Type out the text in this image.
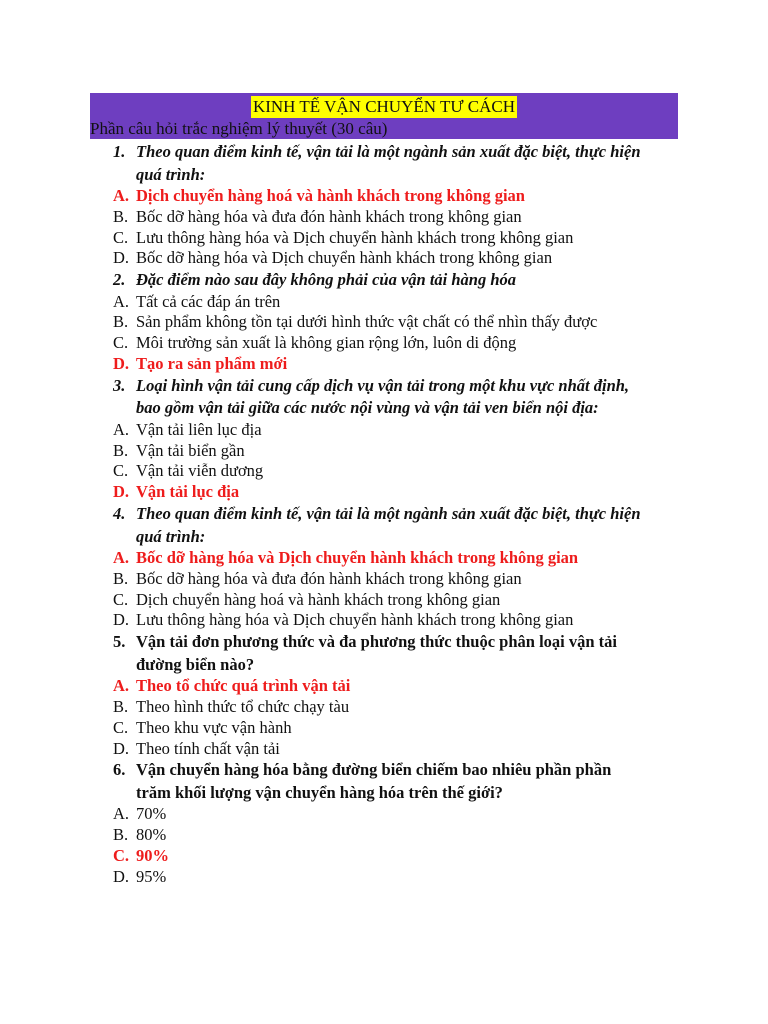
KINH TẾ VẬN CHUYỂN TƯ CÁCH
Phần câu hỏi trắc nghiệm lý thuyết (30 câu)
1. Theo quan điểm kinh tế, vận tải là một ngành sản xuất đặc biệt, thực hiện
quá trình:
A. Dịch chuyển hàng hoá và hành khách trong không gian
B. Bốc dỡ hàng hóa và đưa đón hành khách trong không gian
C. Lưu thông hàng hóa và Dịch chuyển hành khách trong không gian
D. Bốc dỡ hàng hóa và Dịch chuyển hành khách trong không gian
2. Đặc điểm nào sau đây không phải của vận tải hàng hóa
A. Tất cả các đáp án trên
B. Sản phẩm không tồn tại dưới hình thức vật chất có thể nhìn thấy được
C. Môi trường sản xuất là không gian rộng lớn, luôn di động
D. Tạo ra sản phẩm mới
3. Loại hình vận tải cung cấp dịch vụ vận tải trong một khu vực nhất định,
bao gồm vận tải giữa các nước nội vùng và vận tải ven biển nội địa:
A. Vận tải liên lục địa
B. Vận tải biển gần
C. Vận tải viễn dương
D. Vận tải lục địa
4. Theo quan điểm kinh tế, vận tải là một ngành sản xuất đặc biệt, thực hiện
quá trình:
A. Bốc dỡ hàng hóa và Dịch chuyển hành khách trong không gian
B. Bốc dỡ hàng hóa và đưa đón hành khách trong không gian
C. Dịch chuyển hàng hoá và hành khách trong không gian
D. Lưu thông hàng hóa và Dịch chuyển hành khách trong không gian
5. Vận tải đơn phương thức và đa phương thức thuộc phân loại vận tải
đường biển nào?
A. Theo tổ chức quá trình vận tải
B. Theo hình thức tổ chức chạy tàu
C. Theo khu vực vận hành
D. Theo tính chất vận tải
6. Vận chuyển hàng hóa bằng đường biển chiếm bao nhiêu phần phần
trăm khối lượng vận chuyển hàng hóa trên thế giới?
A. 70%
B. 80%
C. 90%
D. 95%
